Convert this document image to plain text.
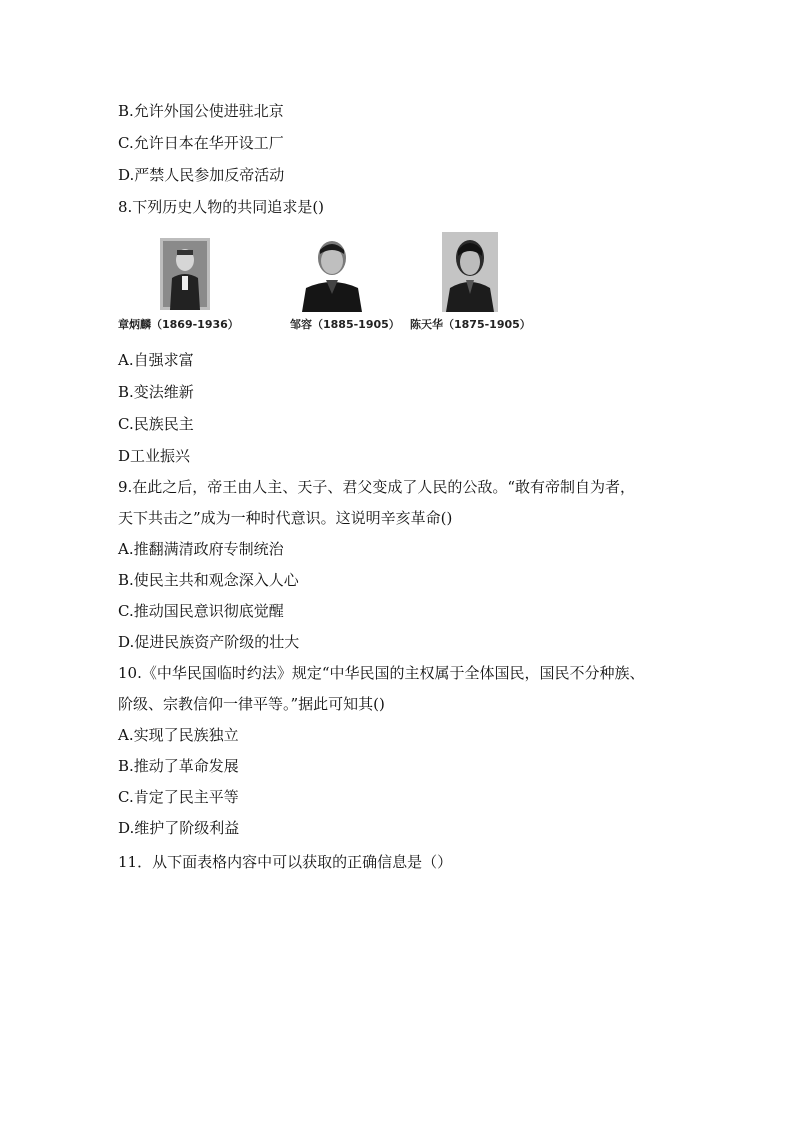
B.允许外国公使进驻北京
C.允许日本在华开设工厂
D.严禁人民参加反帝活动
8.下列历史人物的共同追求是()
章炳麟（1869-1936）	邹容（1885-1905） 陈天华（1875-1905）
A.自强求富
B.变法维新
C.民族民主
D工业振兴
9.在此之后，帝王由人主、天子、君父变成了人民的公敌。“敢有帝制自为者，
天下共击之”成为一种时代意识。这说明辛亥革命()
A.推翻满清政府专制统治
B.使民主共和观念深入人心
C.推动国民意识彻底觉醒
D.促进民族资产阶级的壮大
10.《中华民国临时约法》规定“中华民国的主权属于全体国民，国民不分种族、
阶级、宗教信仰一律平等。”据此可知其()
A.实现了民族独立
B.推动了革命发展
C.肯定了民主平等
D.维护了阶级利益
11．从下面表格内容中可以获取的正确信息是（）
